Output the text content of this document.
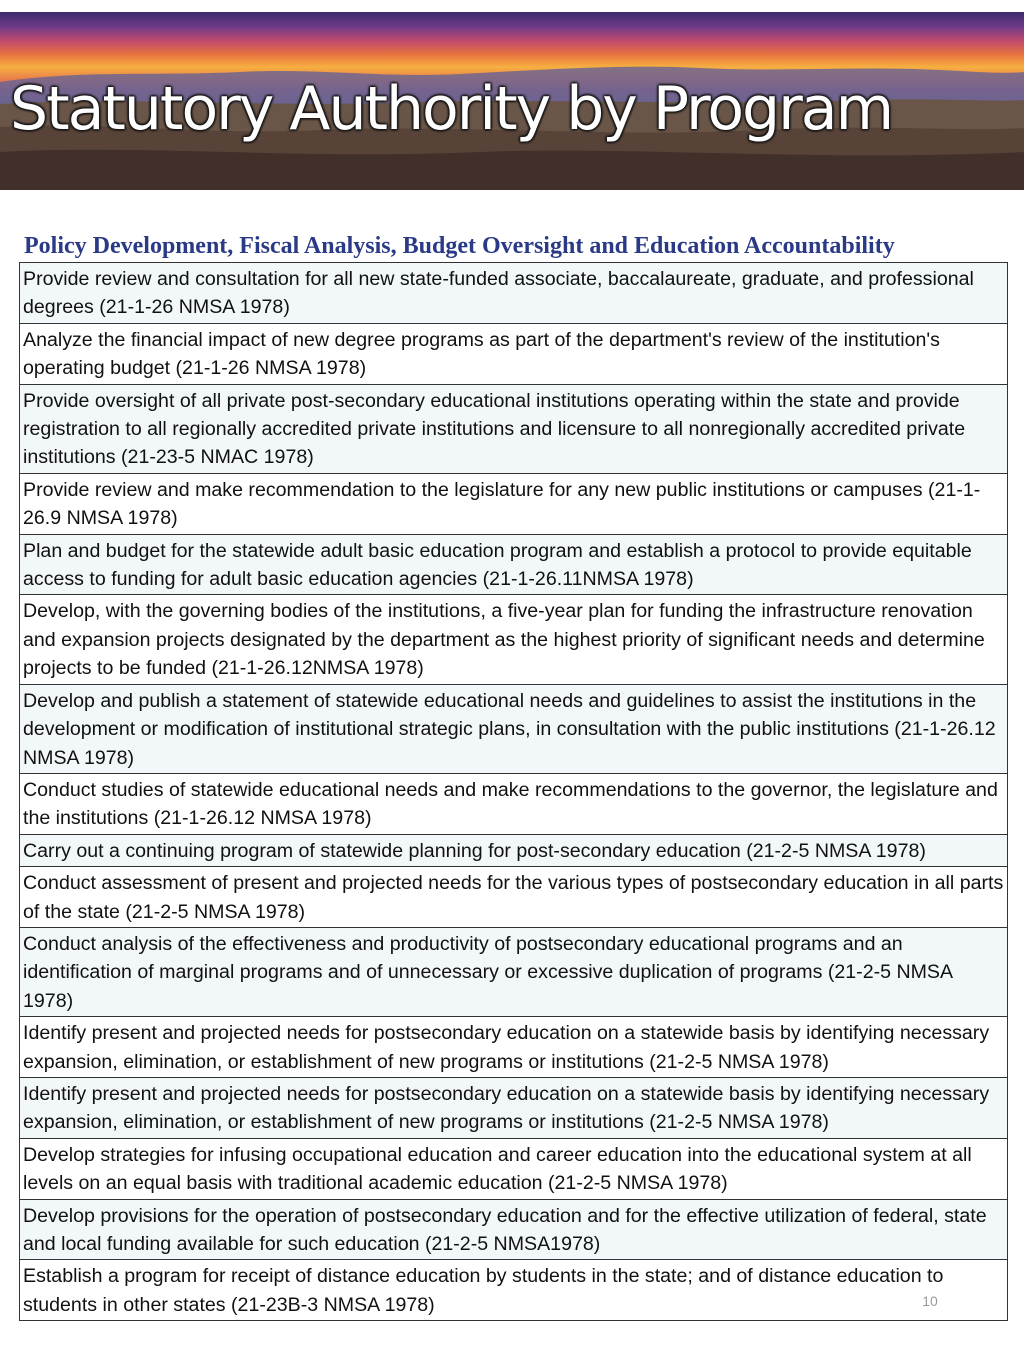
Statutory Authority by Program
Policy Development, Fiscal Analysis, Budget Oversight and Education Accountability
Provide review and consultation for all new state-funded associate, baccalaureate, graduate, and professional degrees (21-1-26 NMSA 1978)
Analyze the financial impact of new degree programs as part of the department's review of the institution's operating budget (21-1-26 NMSA 1978)
Provide oversight of all private post-secondary educational institutions operating within the state and provide registration to all regionally accredited private institutions and licensure to all nonregionally accredited private institutions (21-23-5 NMAC 1978)
Provide review and make recommendation to the legislature for any new public institutions or campuses (21-1-26.9 NMSA 1978)
Plan and budget for the statewide adult basic education program and establish a protocol to provide equitable access to funding for adult basic education agencies (21-1-26.11NMSA 1978)
Develop, with the governing bodies of the institutions, a five-year plan for funding the infrastructure renovation and expansion projects designated by the department as the highest priority of significant needs and determine projects to be funded (21-1-26.12NMSA 1978)
Develop and publish a statement of statewide educational needs and guidelines to assist the institutions in the development or modification of institutional strategic plans, in consultation with the public institutions (21-1-26.12 NMSA 1978)
Conduct studies of statewide educational needs and make recommendations to the governor, the legislature and the institutions (21-1-26.12 NMSA 1978)
Carry out a continuing program of statewide planning for post-secondary education (21-2-5 NMSA 1978)
Conduct assessment of present and projected needs for the various types of postsecondary education in all parts of the state (21-2-5 NMSA 1978)
Conduct analysis of the effectiveness and productivity of postsecondary educational programs and an identification of marginal programs and of unnecessary or excessive duplication of programs (21-2-5 NMSA 1978)
Identify present and projected needs for postsecondary education on a statewide basis by identifying necessary expansion, elimination, or establishment of new programs or institutions (21-2-5 NMSA 1978)
Identify present and projected needs for postsecondary education on a statewide basis by identifying necessary expansion, elimination, or establishment of new programs or institutions (21-2-5 NMSA 1978)
Develop strategies for infusing occupational education and career education into the educational system at all levels on an equal basis with traditional academic education (21-2-5 NMSA 1978)
Develop provisions for the operation of postsecondary education and for the effective utilization of federal, state and local funding available for such education (21-2-5 NMSA1978)
Establish a program for receipt of distance education by students in the state; and of distance education to students in other states (21-23B-3 NMSA 1978)	10
